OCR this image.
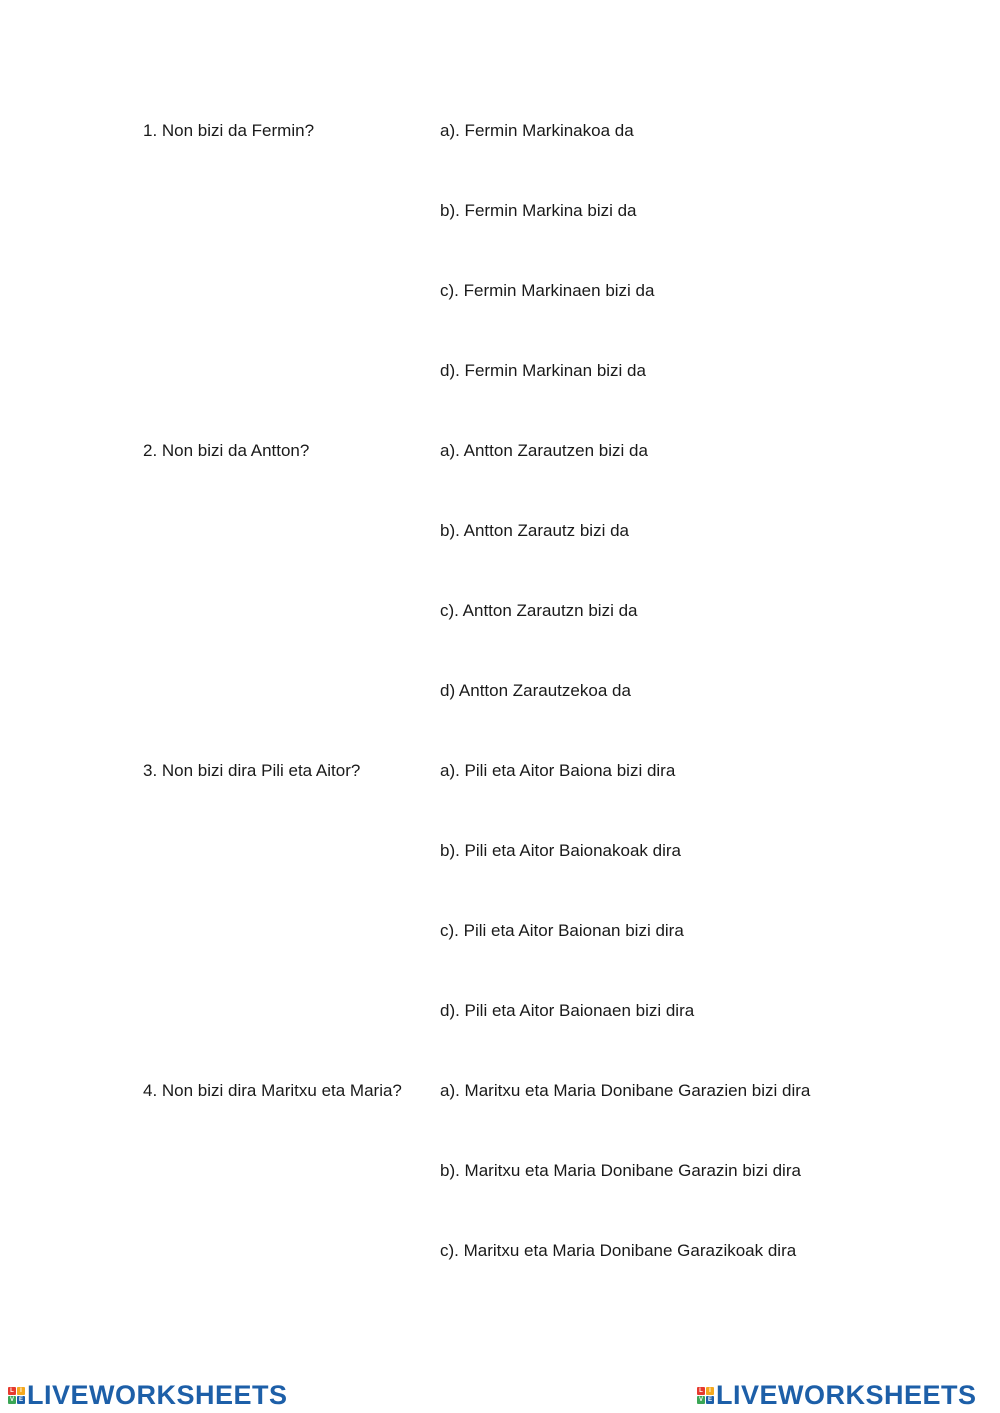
1. Non bizi da Fermin?	a). Fermin Markinakoa da
b). Fermin Markina bizi da
c). Fermin Markinaen bizi da
d). Fermin Markinan bizi da
2. Non bizi da Antton?	a). Antton Zarautzen bizi da
b). Antton Zarautz bizi da
c). Antton Zarautzn bizi da
d) Antton Zarautzekoa da
3. Non bizi dira Pili eta Aitor?	a). Pili eta Aitor Baiona bizi dira
b). Pili eta Aitor Baionakoak dira
c). Pili eta Aitor Baionan bizi dira
d). Pili eta Aitor Baionaen bizi dira
4. Non bizi dira Maritxu eta Maria? a). Maritxu eta Maria Donibane Garazien bizi dira
b). Maritxu eta Maria Donibane Garazin bizi dira
c). Maritxu eta Maria Donibane Garazikoak dira
L	I
V E LIVEWORKSHEETS	L	I
V E LIVEWORKSHEETS
